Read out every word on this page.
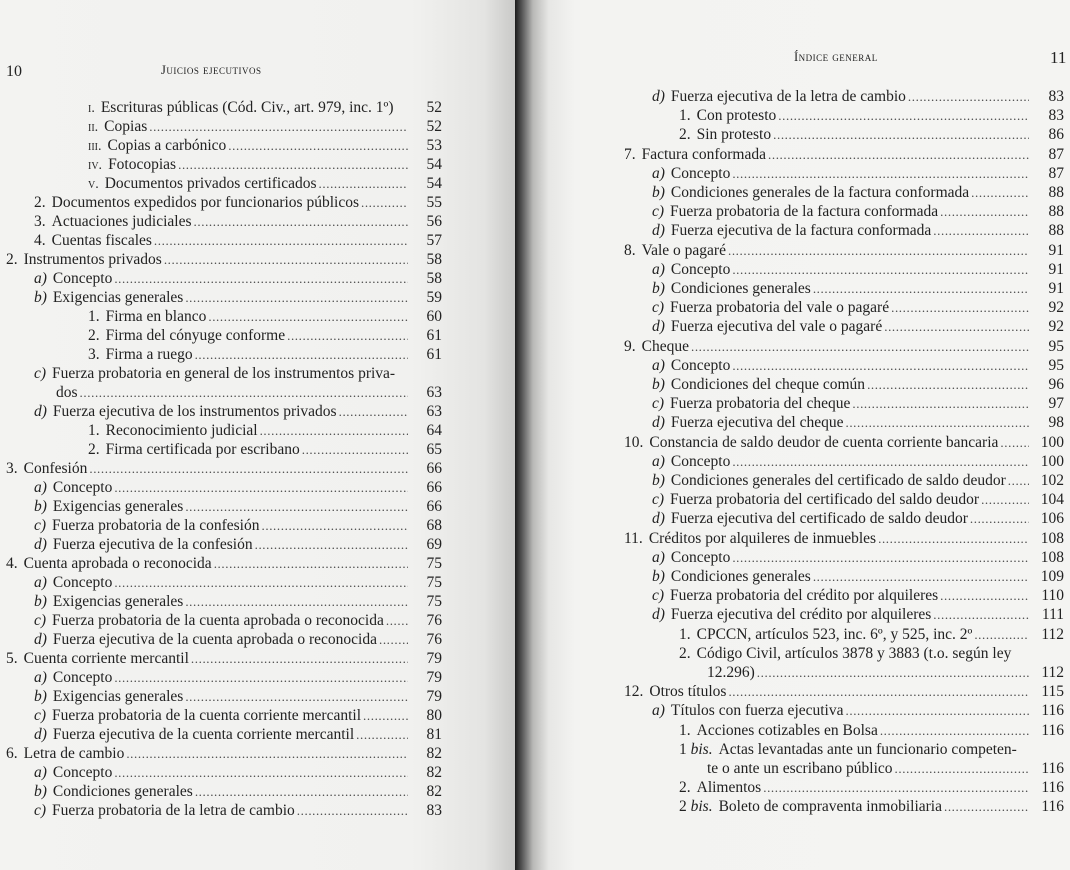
10	Juicios ejecutivos
i. Escrituras públicas (Cód. Civ., art. 979, inc. 1º)	52
ii. Copias .....	52
iii. Copias a carbónico .....	53
iv. Fotocopias .....	54
v. Documentos privados certificados .....	54
2. Documentos expedidos por funcionarios públicos .....	55
3. Actuaciones judiciales .....	56
4. Cuentas fiscales .....	57
2. Instrumentos privados .....	58
a) Concepto .....	58
b) Exigencias generales .....	59
1. Firma en blanco .....	60
2. Firma del cónyuge conforme .....	61
3. Firma a ruego .....	61
c) Fuerza probatoria en general de los instrumentos priva-
dos .....	63
d) Fuerza ejecutiva de los instrumentos privados .....	63
1. Reconocimiento judicial .....	64
2. Firma certificada por escribano .....	65
3. Confesión .....	66
a) Concepto .....	66
b) Exigencias generales .....	66
c) Fuerza probatoria de la confesión .....	68
d) Fuerza ejecutiva de la confesión .....	69
4. Cuenta aprobada o reconocida .....	75
a) Concepto .....	75
b) Exigencias generales .....	75
c) Fuerza probatoria de la cuenta aprobada o reconocida .....	76
d) Fuerza ejecutiva de la cuenta aprobada o reconocida .....	76
5. Cuenta corriente mercantil .....	79
a) Concepto .....	79
b) Exigencias generales .....	79
c) Fuerza probatoria de la cuenta corriente mercantil .....	80
d) Fuerza ejecutiva de la cuenta corriente mercantil .....	81
6. Letra de cambio .....	82
a) Concepto .....	82
b) Condiciones generales .....	82
c) Fuerza probatoria de la letra de cambio .....	83
Índice general	11
d) Fuerza ejecutiva de la letra de cambio .....	83
1. Con protesto .....	83
2. Sin protesto .....	86
7. Factura conformada .....	87
a) Concepto .....	87
b) Condiciones generales de la factura conformada .....	88
c) Fuerza probatoria de la factura conformada .....	88
d) Fuerza ejecutiva de la factura conformada .....	88
8. Vale o pagaré .....	91
a) Concepto .....	91
b) Condiciones generales .....	91
c) Fuerza probatoria del vale o pagaré .....	92
d) Fuerza ejecutiva del vale o pagaré .....	92
9. Cheque .....	95
a) Concepto .....	95
b) Condiciones del cheque común .....	96
c) Fuerza probatoria del cheque .....	97
d) Fuerza ejecutiva del cheque .....	98
10. Constancia de saldo deudor de cuenta corriente bancaria .....	100
a) Concepto .....	100
b) Condiciones generales del certificado de saldo deudor .....	102
c) Fuerza probatoria del certificado del saldo deudor .....	104
d) Fuerza ejecutiva del certificado de saldo deudor .....	106
11. Créditos por alquileres de inmuebles .....	108
a) Concepto .....	108
b) Condiciones generales .....	109
c) Fuerza probatoria del crédito por alquileres .....	110
d) Fuerza ejecutiva del crédito por alquileres .....	111
1. CPCCN, artículos 523, inc. 6º, y 525, inc. 2º .....	112
2. Código Civil, artículos 3878 y 3883 (t.o. según ley
12.296) .....	112
12. Otros títulos .....	115
a) Títulos con fuerza ejecutiva .....	116
1. Acciones cotizables en Bolsa .....	116
1 bis. Actas levantadas ante un funcionario competen-
te o ante un escribano público .....	116
2. Alimentos .....	116
2 bis. Boleto de compraventa inmobiliaria .....	116
